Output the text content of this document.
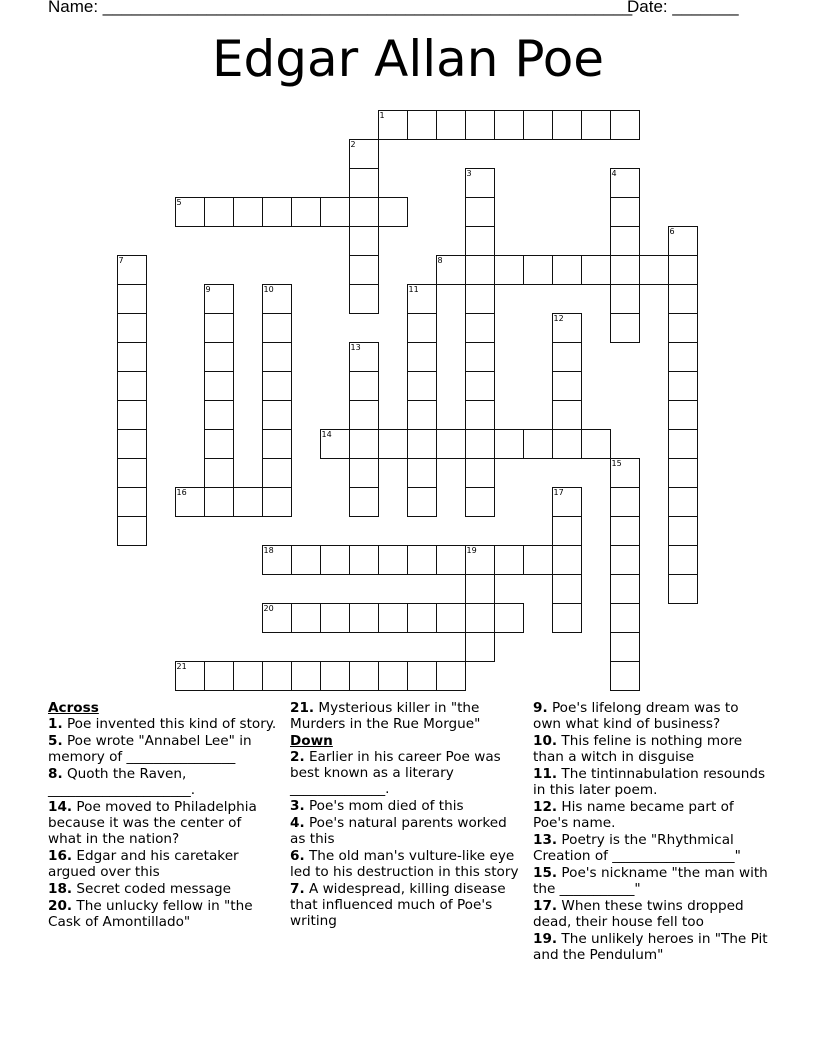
Name: ________________________________________________________
Date: _______
Edgar Allan Poe
1
2
3	4
5
6
7	8
9	10	11
12
13
14
15
16	17
18	19
20
21

Across

1. Poe invented this kind of story.

5. Poe wrote "Annabel Lee" in memory of ________________

8. Quoth the Raven, _____________________.

14. Poe moved to Philadelphia because it was the center of what in the nation?

16. Edgar and his caretaker argued over this

18. Secret coded message

20. The unlucky fellow in "the Cask of Amontillado"

21. Mysterious killer in "the Murders in the Rue Morgue"

Down

2. Earlier in his career Poe was best known as a literary ______________.

3. Poe's mom died of this

4. Poe's natural parents worked as this

6. The old man's vulture-like eye led to his destruction in this story

7. A widespread, killing disease that influenced much of Poe's writing

9. Poe's lifelong dream was to own what kind of business?

10. This feline is nothing more than a witch in disguise

11. The tintinnabulation resounds in this later poem.

12. His name became part of Poe's name.

13. Poetry is the "Rhythmical Creation of __________________"

15. Poe's nickname "the man with the ___________"

17. When these twins dropped dead, their house fell too

19. The unlikely heroes in "The Pit and the Pendulum"
